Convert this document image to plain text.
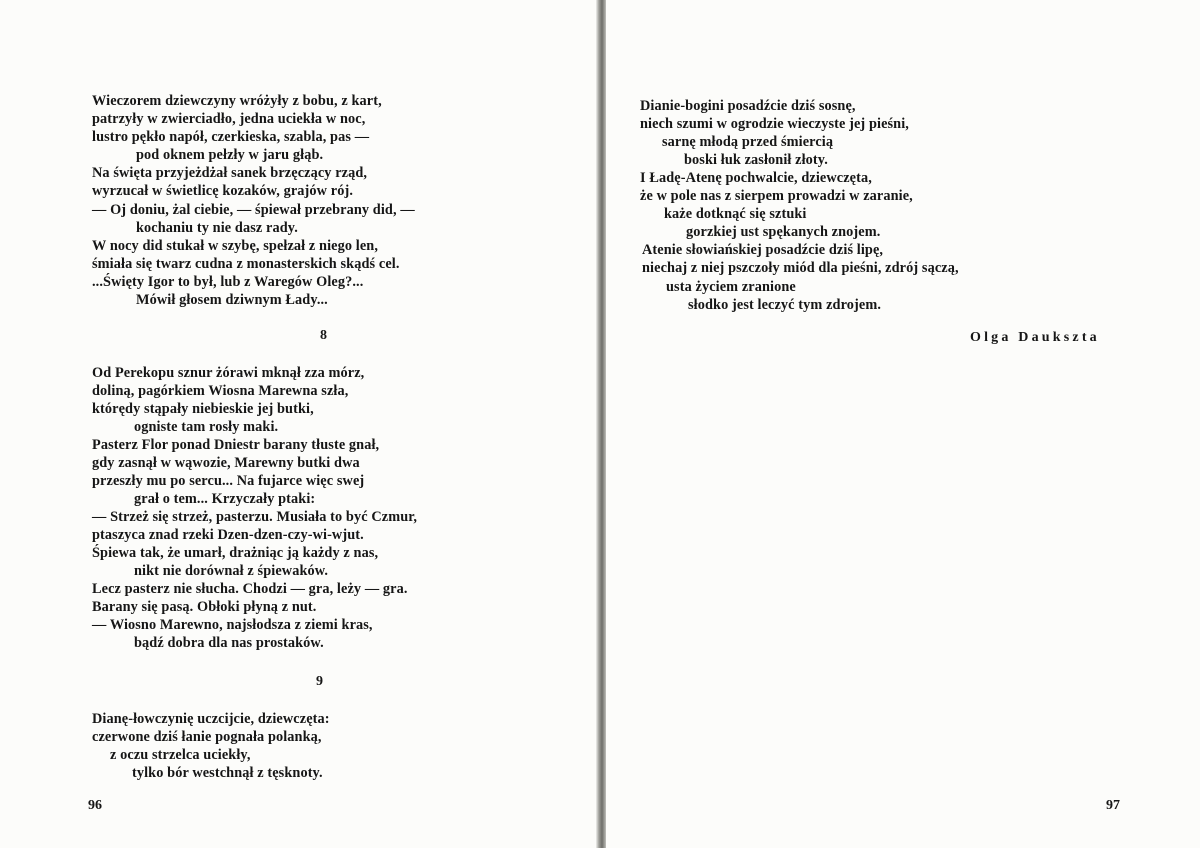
Wieczorem dziewczyny wróżyły z bobu, z kart,
patrzyły w zwierciadło, jedna uciekła w noc,
lustro pękło napół, czerkieska, szabla, pas —
pod oknem pełzły w jaru głąb.
Na święta przyjeżdżał sanek brzęczący rząd,
wyrzucał w świetlicę kozaków, grajów rój.
— Oj doniu, żal ciebie, — śpiewał przebrany did, —
kochaniu ty nie dasz rady.
W nocy did stukał w szybę, spełzał z niego len,
śmiała się twarz cudna z monasterskich skądś cel.
...Święty Igor to był, lub z Waregów Oleg?...
Mówił głosem dziwnym Łady...
8
Od Perekopu sznur żórawi mknął zza mórz,
doliną, pagórkiem Wiosna Marewna szła,
którędy stąpały niebieskie jej butki,
ogniste tam rosły maki.
Pasterz Flor ponad Dniestr barany tłuste gnał,
gdy zasnął w wąwozie, Marewny butki dwa
przeszły mu po sercu... Na fujarce więc swej
grał o tem... Krzyczały ptaki:
— Strzeż się strzeż, pasterzu. Musiała to być Czmur,
ptaszyca znad rzeki Dzen-dzen-czy-wi-wjut.
Śpiewa tak, że umarł, drażniąc ją każdy z nas,
nikt nie dorównał z śpiewaków.
Lecz pasterz nie słucha. Chodzi — gra, leży — gra.
Barany się pasą. Obłoki płyną z nut.
— Wiosno Marewno, najsłodsza z ziemi kras,
bądź dobra dla nas prostaków.
9
Dianę-łowczynię uczcijcie, dziewczęta:
czerwone dziś łanie pognała polanką,
z oczu strzelca uciekły,
tylko bór westchnął z tęsknoty.
96
Dianie-bogini posadźcie dziś sosnę,
niech szumi w ogrodzie wieczyste jej pieśni,
sarnę młodą przed śmiercią
boski łuk zasłonił złoty.
I Ładę-Atenę pochwalcie, dziewczęta,
że w pole nas z sierpem prowadzi w zaranie,
każe dotknąć się sztuki
gorzkiej ust spękanych znojem.
Atenie słowiańskiej posadźcie dziś lipę,
niechaj z niej pszczoły miód dla pieśni, zdrój sączą,
usta życiem zranione
słodko jest leczyć tym zdrojem.
Olga Daukszta
97
